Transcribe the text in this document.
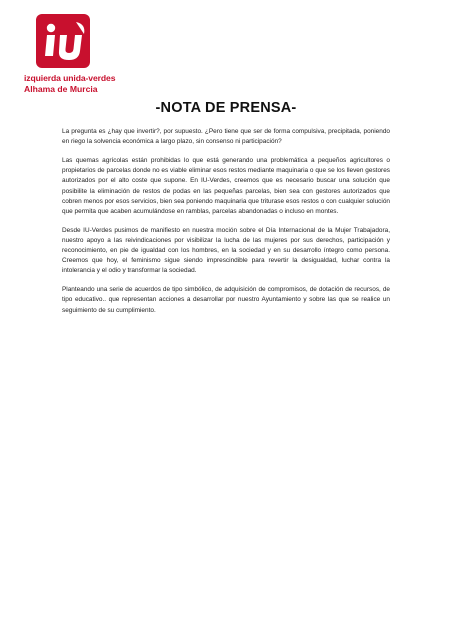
izquierda unida-verdes
Alhama de Murcia
-NOTA DE PRENSA-

La pregunta es ¿hay que invertir?, por supuesto. ¿Pero tiene que ser de forma compulsiva, precipitada, poniendo en riego la solvencia económica a largo plazo, sin consenso ni participación?

Las quemas agrícolas están prohibidas lo que está generando una problemática a pequeños agricultores o propietarios de parcelas donde no es viable eliminar esos restos mediante maquinaria o que se los lleven gestores autorizados por el alto coste que supone. En IU-Verdes, creemos que es necesario buscar una solución que posibilite la eliminación de restos de podas en las pequeñas parcelas, bien sea con gestores autorizados que cobren menos por esos servicios, bien sea poniendo maquinaria que triturase esos restos o con cualquier solución que permita que acaben acumulándose en ramblas, parcelas abandonadas o incluso en montes.

Desde IU-Verdes pusimos de manifiesto en nuestra moción sobre el Día Internacional de la Mujer Trabajadora, nuestro apoyo a las reivindicaciones por visibilizar la lucha de las mujeres por sus derechos, participación y reconocimiento, en pie de igualdad con los hombres, en la sociedad y en su desarrollo íntegro como persona. Creemos que hoy, el feminismo sigue siendo imprescindible para revertir la desigualdad, luchar contra la intolerancia y el odio y transformar la sociedad.

Planteando una serie de acuerdos de tipo simbólico, de adquisición de compromisos, de dotación de recursos, de tipo educativo.. que representan acciones a desarrollar por nuestro Ayuntamiento y sobre las que se realice un seguimiento de su cumplimiento.
